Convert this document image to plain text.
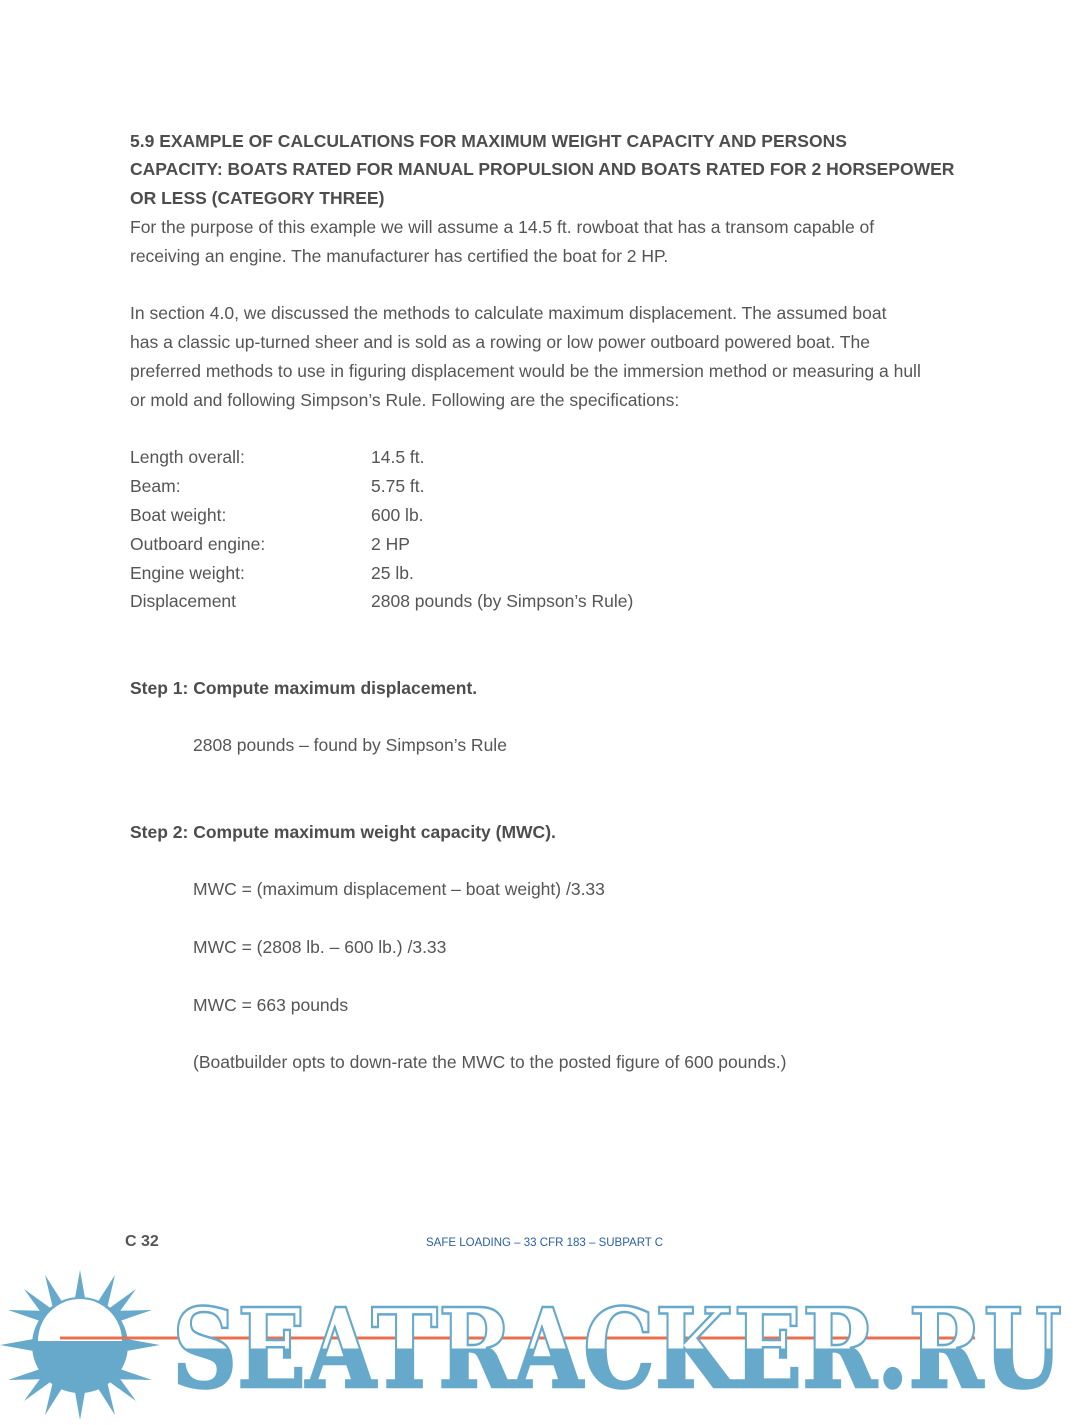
5.9 EXAMPLE OF CALCULATIONS FOR MAXIMUM WEIGHT CAPACITY AND PERSONS
CAPACITY: BOATS RATED FOR MANUAL PROPULSION AND BOATS RATED FOR 2 HORSEPOWER
OR LESS (CATEGORY THREE)
For the purpose of this example we will assume a 14.5 ft. rowboat that has a transom capable of
receiving an engine. The manufacturer has certified the boat for 2 HP.
In section 4.0, we discussed the methods to calculate maximum displacement. The assumed boat
has a classic up-turned sheer and is sold as a rowing or low power outboard powered boat. The
preferred methods to use in figuring displacement would be the immersion method or measuring a hull
or mold and following Simpson’s Rule. Following are the specifications:
Length overall:	14.5 ft.
Beam:	5.75 ft.
Boat weight:	600 lb.
Outboard engine:	2 HP
Engine weight:	25 lb.
Displacement	2808 pounds (by Simpson’s Rule)
Step 1: Compute maximum displacement.
2808 pounds – found by Simpson’s Rule
Step 2: Compute maximum weight capacity (MWC).
MWC = (maximum displacement – boat weight) /3.33
MWC = (2808 lb. – 600 lb.) /3.33
MWC = 663 pounds
(Boatbuilder opts to down-rate the MWC to the posted figure of 600 pounds.)
SEATRACKER.RU
C 32	SAFE LOADING – 33 CFR 183 – SUBPART C
